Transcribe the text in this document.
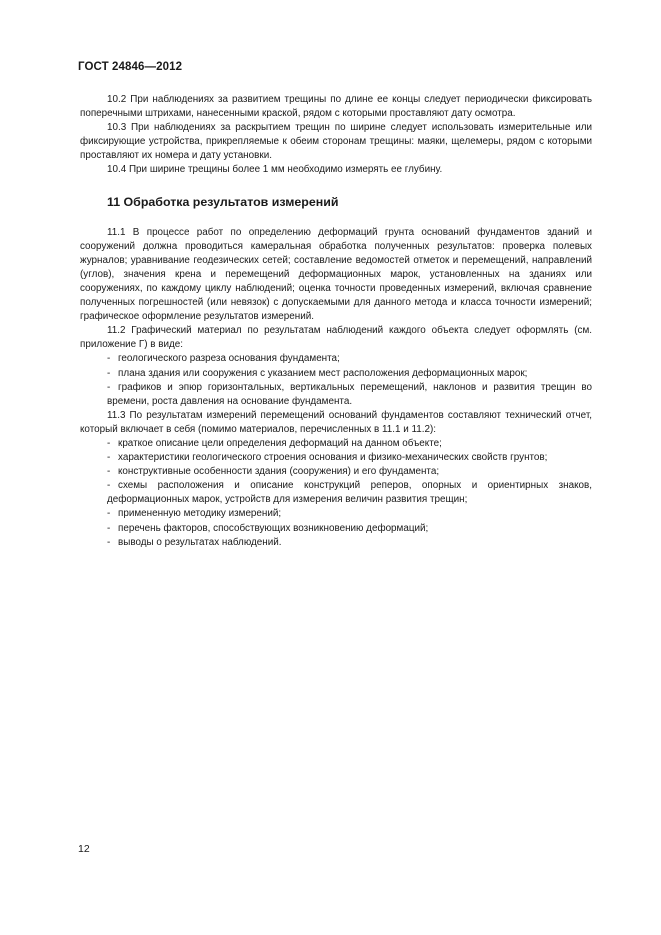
ГОСТ 24846—2012

10.2 При наблюдениях за развитием трещины по длине ее концы следует периодически фиксировать поперечными штрихами, нанесенными краской, рядом с которыми проставляют дату осмотра.

10.3 При наблюдениях за раскрытием трещин по ширине следует использовать измерительные или фиксирующие устройства, прикрепляемые к обеим сторонам трещины: маяки, щелемеры, рядом с которыми проставляют их номера и дату установки.

10.4 При ширине трещины более 1 мм необходимо измерять ее глубину.

11 Обработка результатов измерений

11.1 В процессе работ по определению деформаций грунта оснований фундаментов зданий и сооружений должна проводиться камеральная обработка полученных результатов: проверка полевых журналов; уравнивание геодезических сетей; составление ведомостей отметок и перемещений, направлений (углов), значения крена и перемещений деформационных марок, установленных на зданиях или сооружениях, по каждому циклу наблюдений; оценка точности проведенных измерений, включая сравнение полученных погрешностей (или невязок) с допускаемыми для данного метода и класса точности измерений; графическое оформление результатов измерений.

11.2 Графический материал по результатам наблюдений каждого объекта следует оформлять (см. приложение Г) в виде:

- геологического разреза основания фундамента;

- плана здания или сооружения с указанием мест расположения деформационных марок;

- графиков и эпюр горизонтальных, вертикальных перемещений, наклонов и развития трещин во времени, роста давления на основание фундамента.

11.3 По результатам измерений перемещений оснований фундаментов составляют технический отчет, который включает в себя (помимо материалов, перечисленных в 11.1 и 11.2):

- краткое описание цели определения деформаций на данном объекте;

- характеристики геологического строения основания и физико-механических свойств грунтов;

- конструктивные особенности здания (сооружения) и его фундамента;

- схемы расположения и описание конструкций реперов, опорных и ориентирных знаков, деформационных марок, устройств для измерения величин развития трещин;

- примененную методику измерений;

- перечень факторов, способствующих возникновению деформаций;

- выводы о результатах наблюдений.

12
